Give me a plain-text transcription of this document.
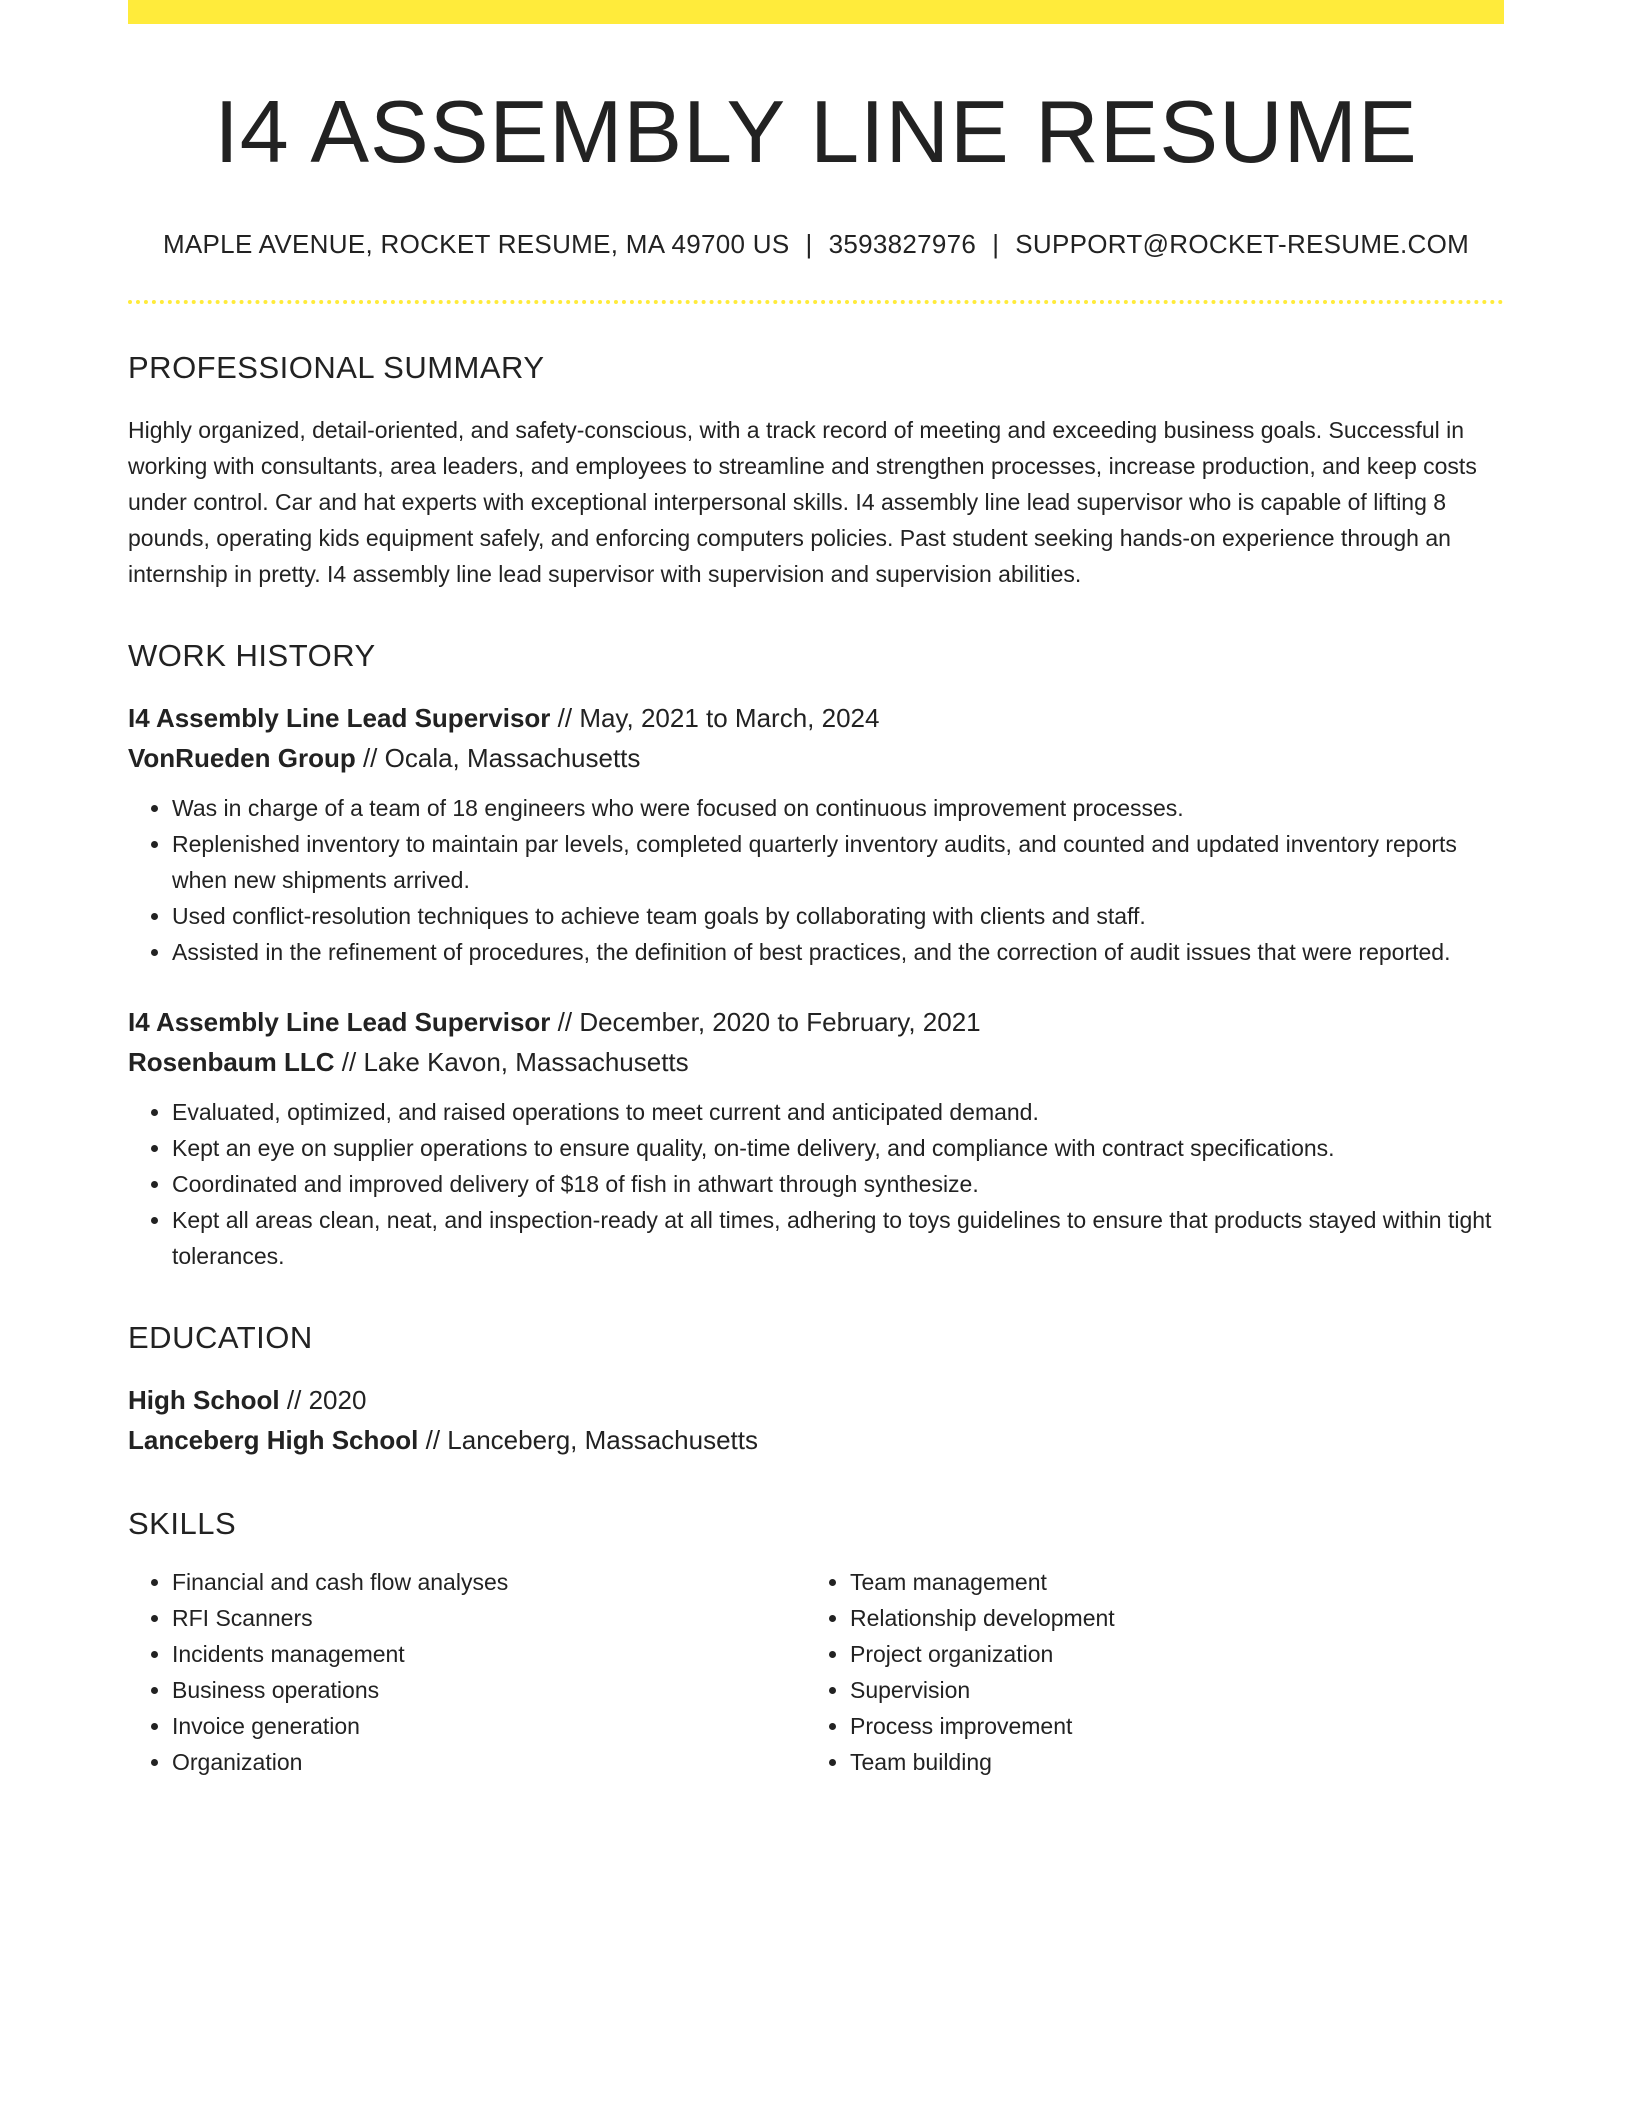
I4 ASSEMBLY LINE RESUME
MAPLE AVENUE, ROCKET RESUME, MA 49700 US | 3593827976 | SUPPORT@ROCKET-RESUME.COM
PROFESSIONAL SUMMARY

Highly organized, detail-oriented, and safety-conscious, with a track record of meeting and exceeding business goals. Successful in working with consultants, area leaders, and employees to streamline and strengthen processes, increase production, and keep costs under control. Car and hat experts with exceptional interpersonal skills. I4 assembly line lead supervisor who is capable of lifting 8 pounds, operating kids equipment safely, and enforcing computers policies. Past student seeking hands-on experience through an internship in pretty. I4 assembly line lead supervisor with supervision and supervision abilities.

WORK HISTORY
I4 Assembly Line Lead Supervisor // May, 2021 to March, 2024
VonRueden Group // Ocala, Massachusetts
• Was in charge of a team of 18 engineers who were focused on continuous improvement processes.
• Replenished inventory to maintain par levels, completed quarterly inventory audits, and counted and updated inventory reports when new shipments arrived.
• Used conflict-resolution techniques to achieve team goals by collaborating with clients and staff.
• Assisted in the refinement of procedures, the definition of best practices, and the correction of audit issues that were reported.
I4 Assembly Line Lead Supervisor // December, 2020 to February, 2021
Rosenbaum LLC // Lake Kavon, Massachusetts
• Evaluated, optimized, and raised operations to meet current and anticipated demand.
• Kept an eye on supplier operations to ensure quality, on-time delivery, and compliance with contract specifications.
• Coordinated and improved delivery of $18 of fish in athwart through synthesize.
• Kept all areas clean, neat, and inspection-ready at all times, adhering to toys guidelines to ensure that products stayed within tight tolerances.
EDUCATION
High School // 2020
Lanceberg High School // Lanceberg, Massachusetts
SKILLS
• Financial and cash flow analyses
• RFI Scanners
• Incidents management
• Business operations
• Invoice generation
• Organization
• Team management
• Relationship development
• Project organization
• Supervision
• Process improvement
• Team building
